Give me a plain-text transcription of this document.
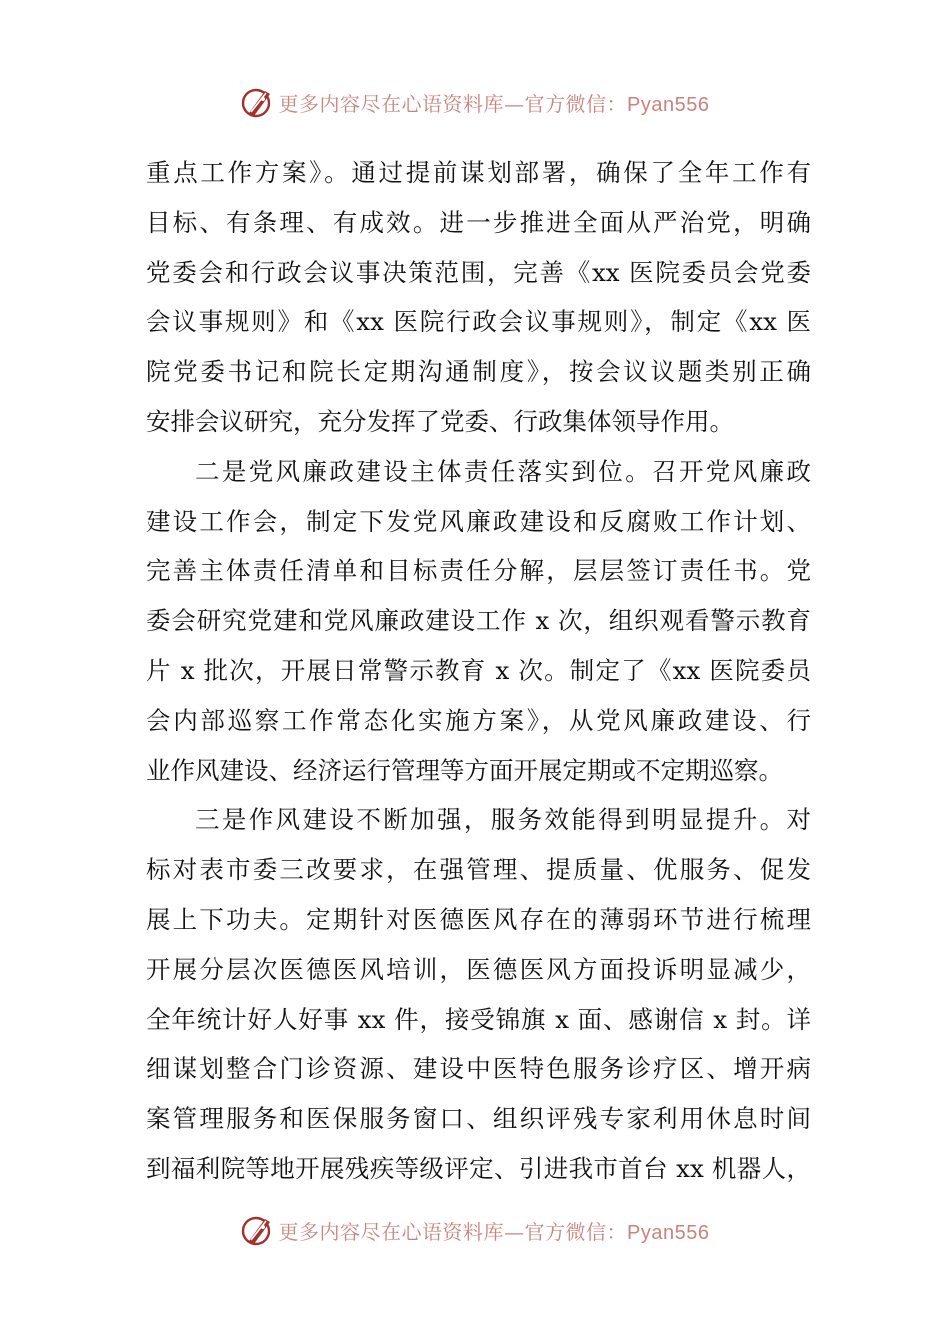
更多内容尽在心语资料库—官方微信：Pyan556
重点工作方案》。通过提前谋划部署，确保了全年工作有
目标、有条理、有成效。进一步推进全面从严治党，明确
党委会和行政会议事决策范围，完善《xx 医院委员会党委
会议事规则》和《xx 医院行政会议事规则》，制定《xx 医
院党委书记和院长定期沟通制度》，按会议议题类别正确
安排会议研究，充分发挥了党委、行政集体领导作用。
二是党风廉政建设主体责任落实到位。召开党风廉政
建设工作会，制定下发党风廉政建设和反腐败工作计划、
完善主体责任清单和目标责任分解，层层签订责任书。党
委会研究党建和党风廉政建设工作 x 次，组织观看警示教育
片 x 批次，开展日常警示教育 x 次。制定了《xx 医院委员
会内部巡察工作常态化实施方案》，从党风廉政建设、行
业作风建设、经济运行管理等方面开展定期或不定期巡察。
三是作风建设不断加强，服务效能得到明显提升。对
标对表市委三改要求，在强管理、提质量、优服务、促发
展上下功夫。定期针对医德医风存在的薄弱环节进行梳理
开展分层次医德医风培训，医德医风方面投诉明显减少，
全年统计好人好事 xx 件，接受锦旗 x 面、感谢信 x 封。详
细谋划整合门诊资源、建设中医特色服务诊疗区、增开病
案管理服务和医保服务窗口、组织评残专家利用休息时间
到福利院等地开展残疾等级评定、引进我市首台 xx 机器人，
更多内容尽在心语资料库—官方微信：Pyan556
